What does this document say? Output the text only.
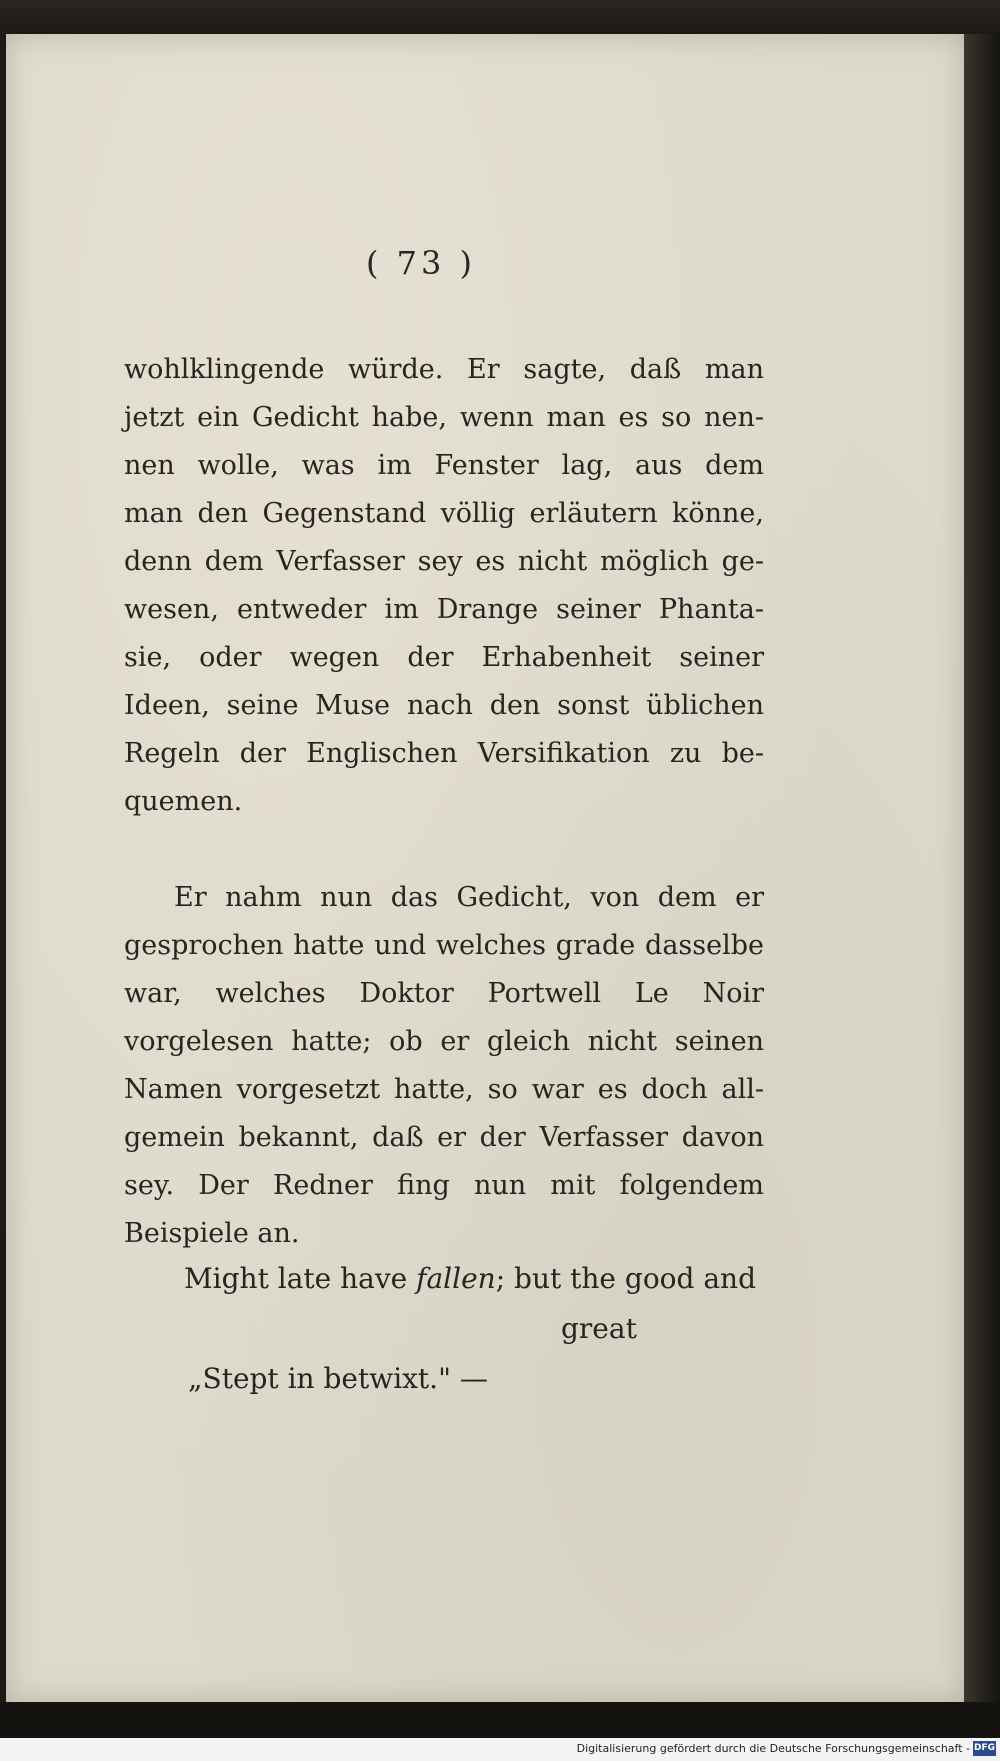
( 73 )
wohlklingende würde. Er sagte, daß man
jetzt ein Gedicht habe, wenn man es so nen-
nen wolle, was im Fenster lag, aus dem
man den Gegenstand völlig erläutern könne,
denn dem Verfasser sey es nicht möglich ge-
wesen, entweder im Drange seiner Phanta-
sie, oder wegen der Erhabenheit seiner
Ideen, seine Muse nach den sonst üblichen
Regeln der Englischen Versifikation zu be-
quemen.
Er nahm nun das Gedicht, von dem er
gesprochen hatte und welches grade dasselbe
war, welches Doktor Portwell Le Noir
vorgelesen hatte; ob er gleich nicht seinen
Namen vorgesetzt hatte, so war es doch all-
gemein bekannt, daß er der Verfasser davon
sey. Der Redner fing nun mit folgendem
Beispiele an.
Might late have fallen; but the good and
great
„Stept in betwixt." —
Digitalisierung gefördert durch die Deutsche Forschungsgemeinschaft - DFG
